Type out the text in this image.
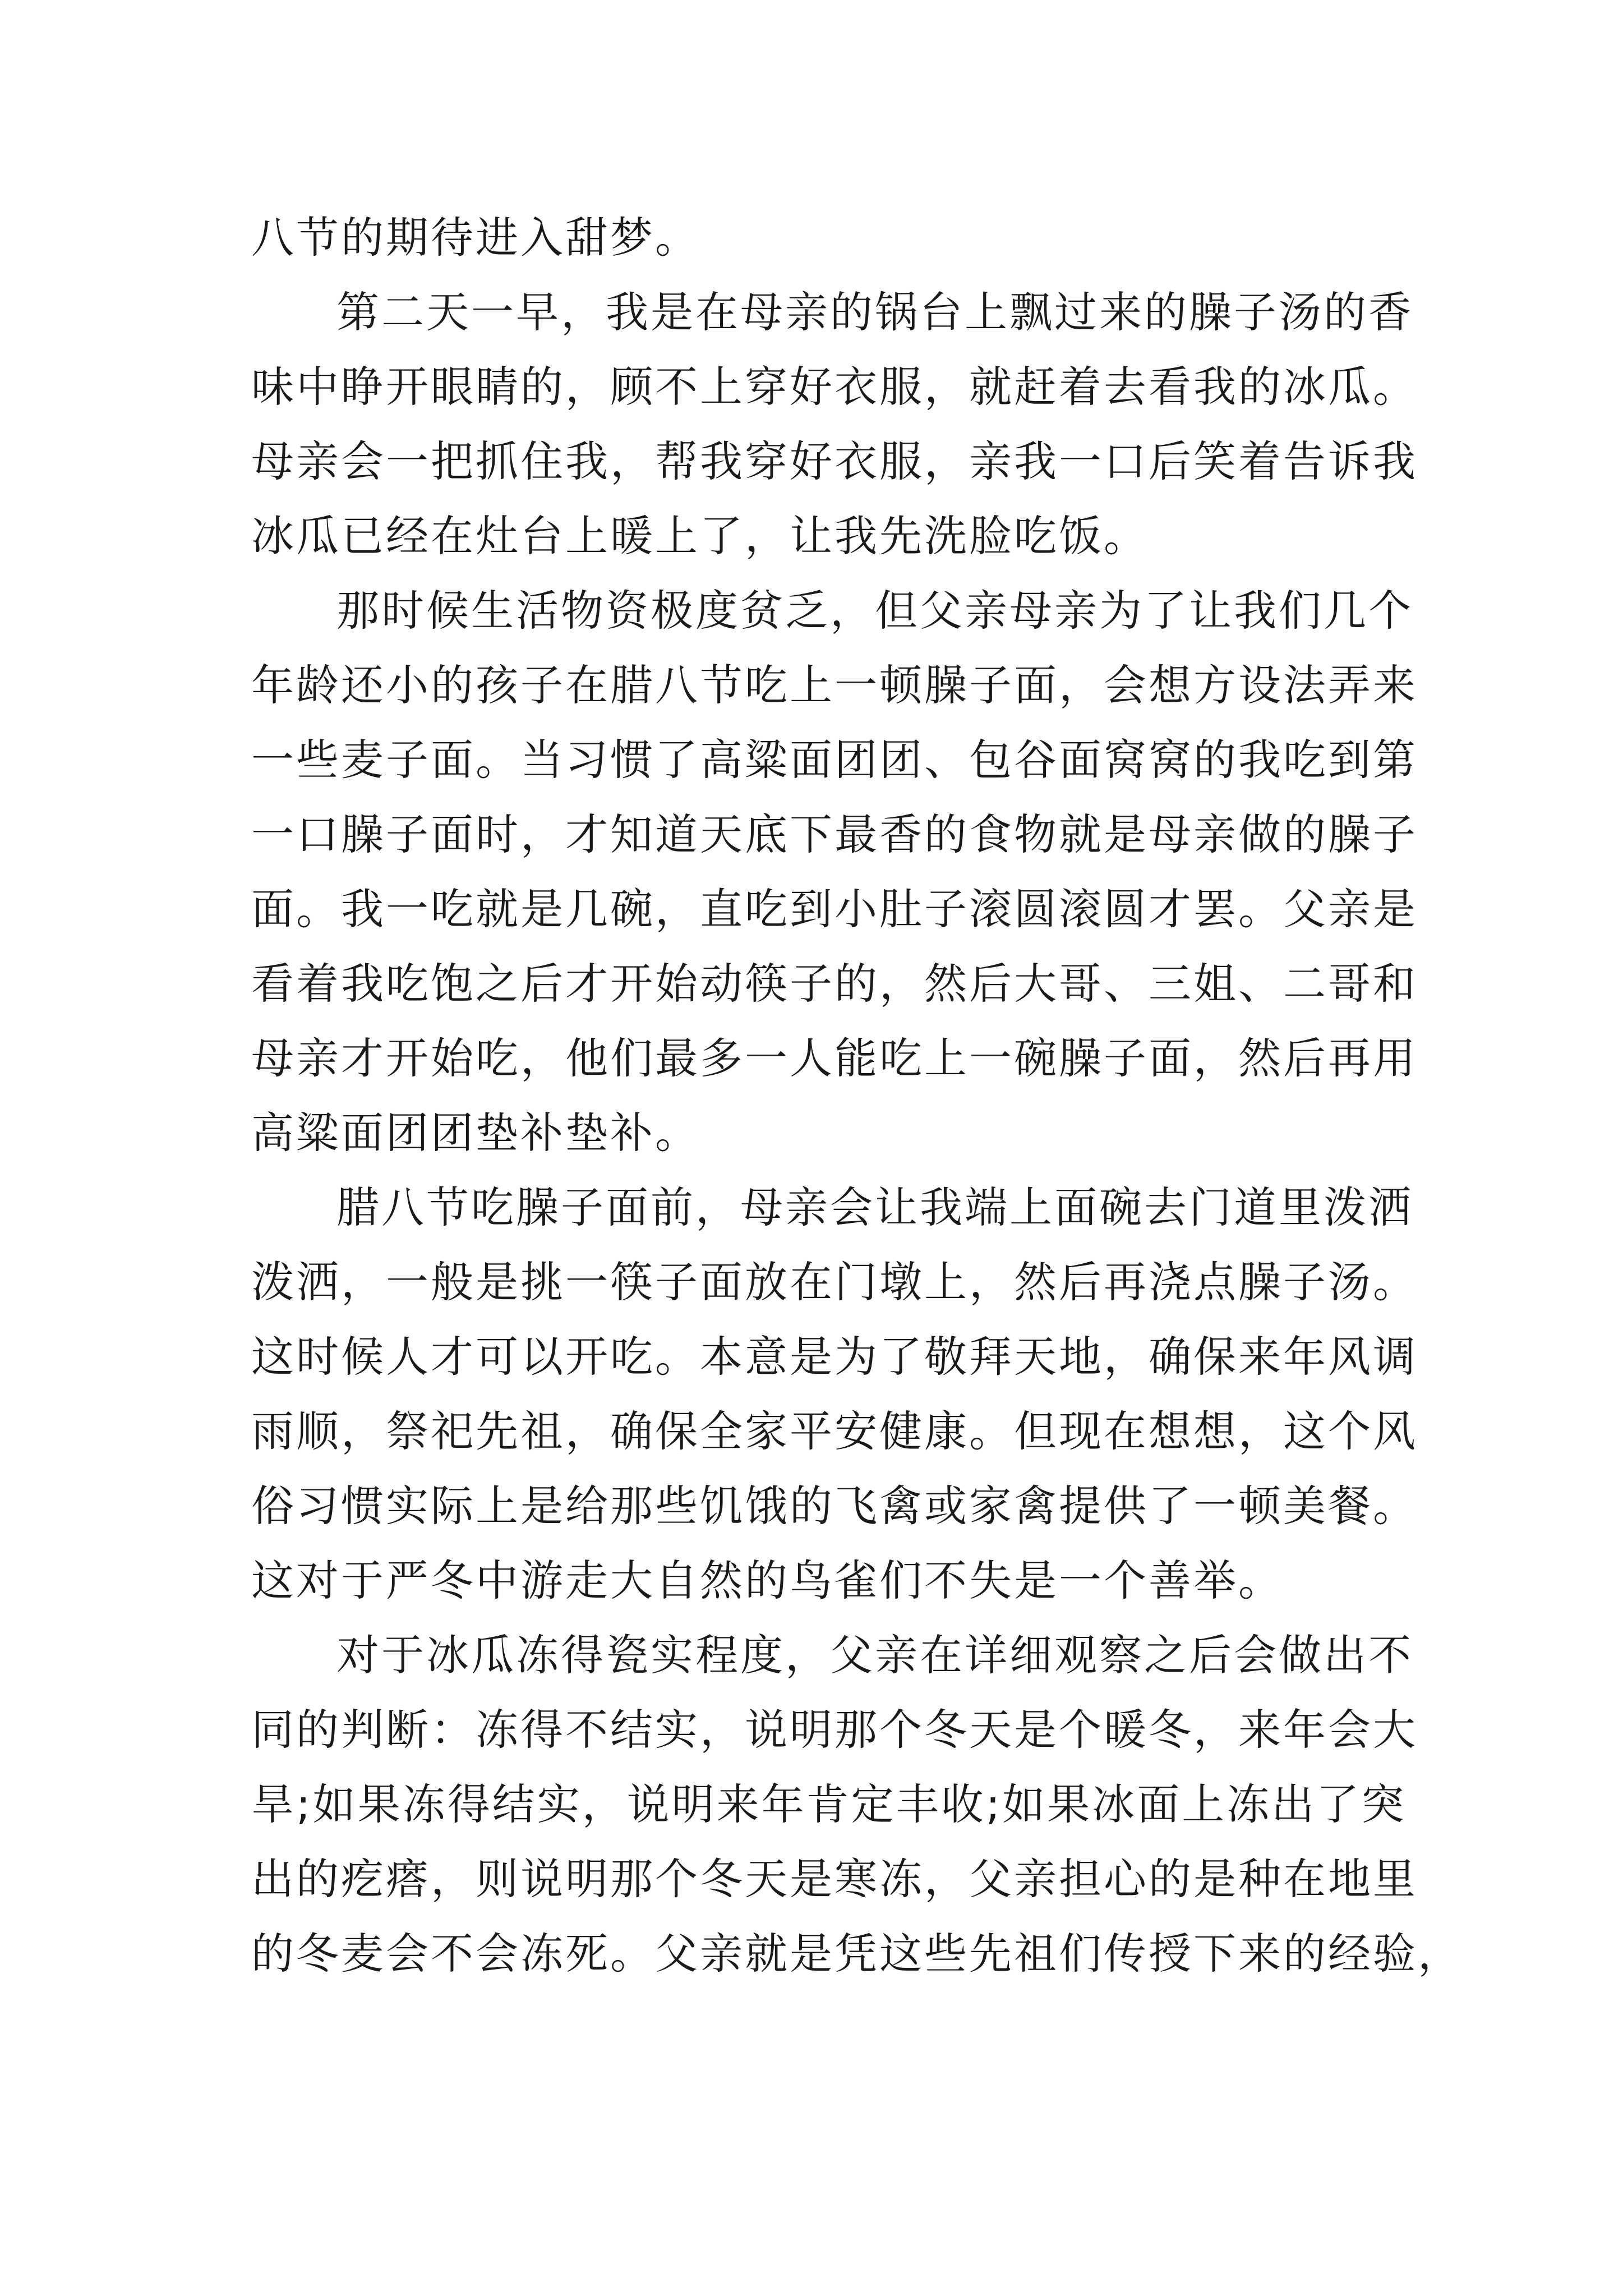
八节的期待进入甜梦。
第二天一早，我是在母亲的锅台上飘过来的臊子汤的香
味中睁开眼睛的，顾不上穿好衣服，就赶着去看我的冰瓜。
母亲会一把抓住我，帮我穿好衣服，亲我一口后笑着告诉我
冰瓜已经在灶台上暖上了，让我先洗脸吃饭。
那时候生活物资极度贫乏，但父亲母亲为了让我们几个
年龄还小的孩子在腊八节吃上一顿臊子面，会想方设法弄来
一些麦子面。当习惯了高粱面团团、包谷面窝窝的我吃到第
一口臊子面时，才知道天底下最香的食物就是母亲做的臊子
面。我一吃就是几碗，直吃到小肚子滚圆滚圆才罢。父亲是
看着我吃饱之后才开始动筷子的，然后大哥、三姐、二哥和
母亲才开始吃，他们最多一人能吃上一碗臊子面，然后再用
高粱面团团垫补垫补。
腊八节吃臊子面前，母亲会让我端上面碗去门道里泼洒
泼洒，一般是挑一筷子面放在门墩上，然后再浇点臊子汤。
这时候人才可以开吃。本意是为了敬拜天地，确保来年风调
雨顺，祭祀先祖，确保全家平安健康。但现在想想，这个风
俗习惯实际上是给那些饥饿的飞禽或家禽提供了一顿美餐。
这对于严冬中游走大自然的鸟雀们不失是一个善举。
对于冰瓜冻得瓷实程度，父亲在详细观察之后会做出不
同的判断：冻得不结实，说明那个冬天是个暖冬，来年会大
旱;如果冻得结实，说明来年肯定丰收;如果冰面上冻出了突
出的疙瘩，则说明那个冬天是寒冻，父亲担心的是种在地里
的冬麦会不会冻死。父亲就是凭这些先祖们传授下来的经验，
